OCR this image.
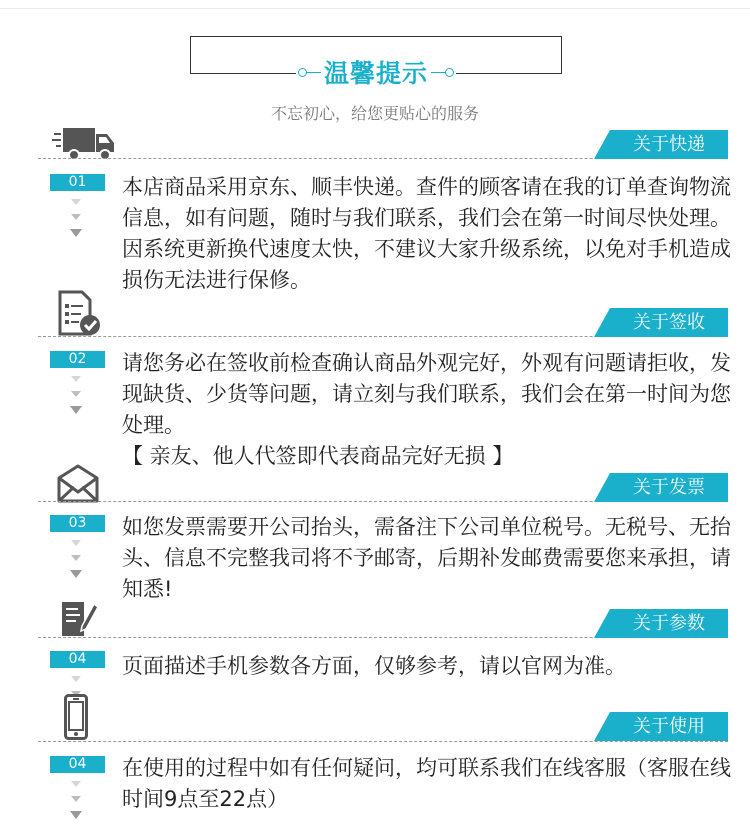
温馨提示
不忘初心，给您更贴心的服务
关于快递
01	本店商品采用京东、顺丰快递。查件的顾客请在我的订单查询物流信息，如有问题，随时与我们联系，我们会在第一时间尽快处理。因系统更新换代速度太快，不建议大家升级系统，以免对手机造成损伤无法进行保修。

关于签收
02	请您务必在签收前检查确认商品外观完好，外观有问题请拒收，发现缺货、少货等问题，请立刻与我们联系，我们会在第一时间为您处理。

【 亲友、他人代签即代表商品完好无损 】

关于发票
03	如您发票需要开公司抬头，需备注下公司单位税号。无税号、无抬头、信息不完整我司将不予邮寄，后期补发邮费需要您来承担，请知悉!

关于参数
04	页面描述手机参数各方面，仅够参考，请以官网为准。

关于使用
04	在使用的过程中如有任何疑问，均可联系我们在线客服（客服在线时间9点至22点）
